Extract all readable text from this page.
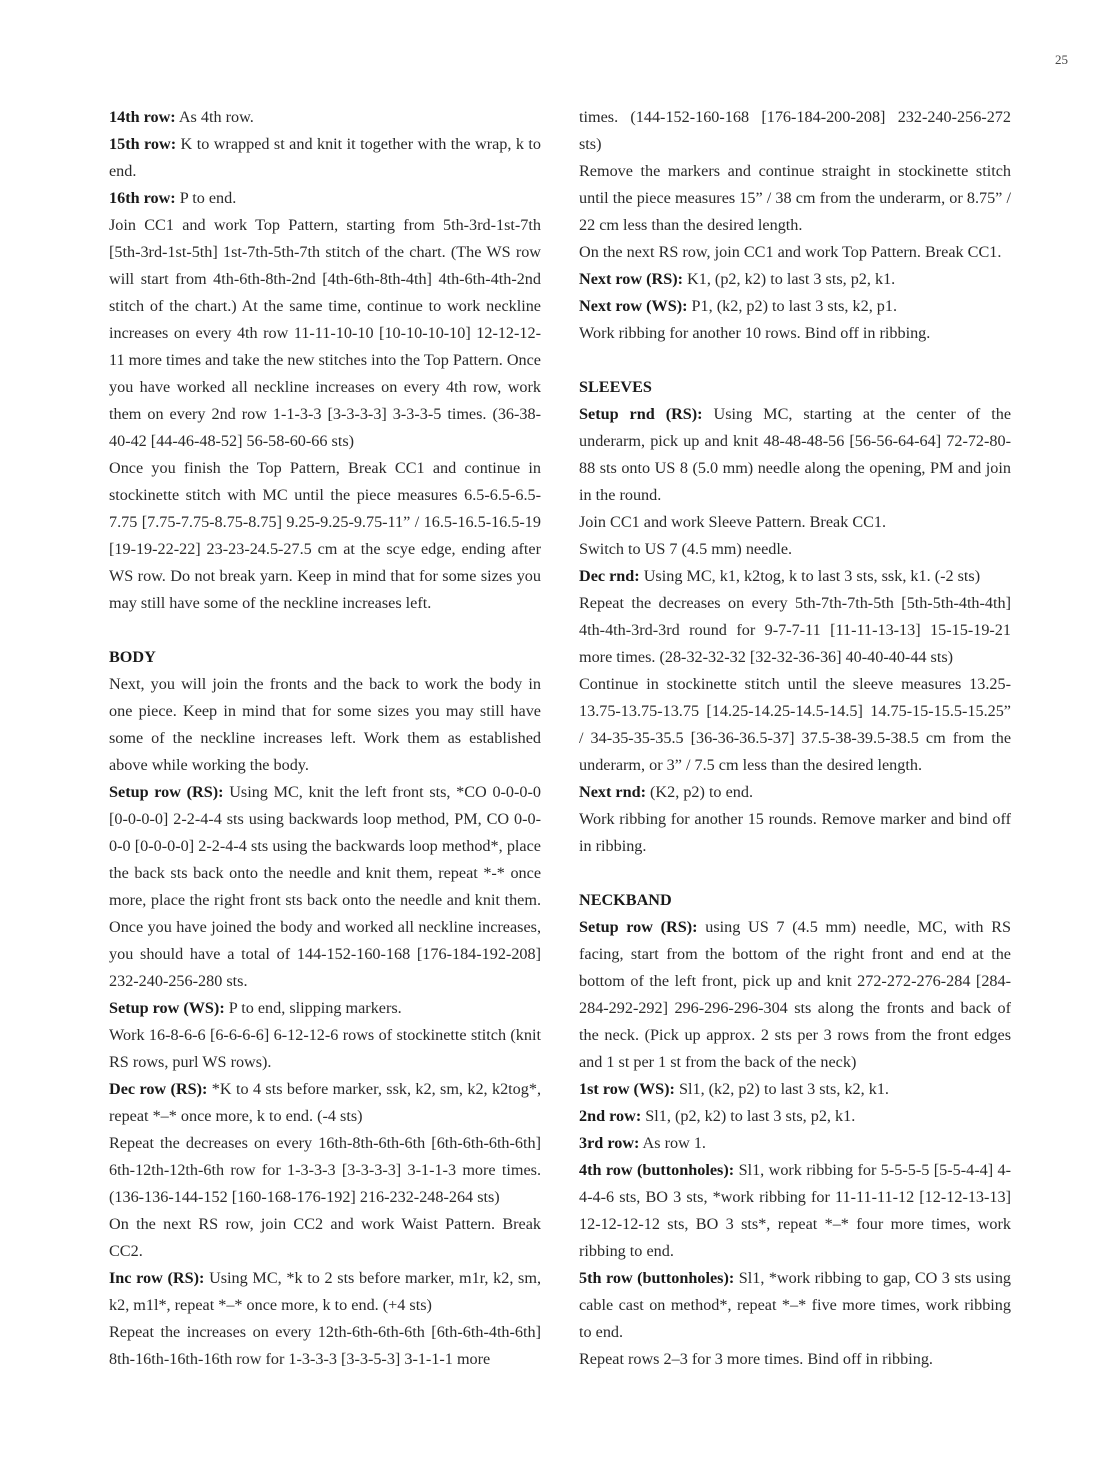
25

14th row: As 4th row.

15th row: K to wrapped st and knit it together with the wrap, k to end.

16th row: P to end.

Join CC1 and work Top Pattern, starting from 5th-3rd-1st-7th [5th-3rd-1st-5th] 1st-7th-5th-7th stitch of the chart. (The WS row will start from 4th-6th-8th-2nd [4th-6th-8th-4th] 4th-6th-4th-2nd stitch of the chart.) At the same time, continue to work neckline increases on every 4th row 11-11-10-10 [10-10-10-10] 12-12-12-11 more times and take the new stitches into the Top Pattern. Once you have worked all neckline increases on every 4th row, work them on every 2nd row 1-1-3-3 [3-3-3-3] 3-3-3-5 times. (36-38-40-42 [44-46-48-52] 56-58-60-66 sts)

Once you finish the Top Pattern, Break CC1 and continue in stockinette stitch with MC until the piece measures 6.5-6.5-6.5-7.75 [7.75-7.75-8.75-8.75] 9.25-9.25-9.75-11” / 16.5-16.5-16.5-19 [19-19-22-22] 23-23-24.5-27.5 cm at the scye edge, ending after WS row. Do not break yarn. Keep in mind that for some sizes you may still have some of the neckline increases left.

BODY

Next, you will join the fronts and the back to work the body in one piece. Keep in mind that for some sizes you may still have some of the neckline increases left. Work them as established above while working the body.

Setup row (RS): Using MC, knit the left front sts, *CO 0-0-0-0 [0-0-0-0] 2-2-4-4 sts using backwards loop method, PM, CO 0-0-0-0 [0-0-0-0] 2-2-4-4 sts using the backwards loop method*, place the back sts back onto the needle and knit them, repeat *-* once more, place the right front sts back onto the needle and knit them. Once you have joined the body and worked all neckline increases, you should have a total of 144-152-160-168 [176-184-192-208] 232-240-256-280 sts.

Setup row (WS): P to end, slipping markers.

Work 16-8-6-6 [6-6-6-6] 6-12-12-6 rows of stockinette stitch (knit RS rows, purl WS rows).

Dec row (RS): *K to 4 sts before marker, ssk, k2, sm, k2, k2tog*, repeat *–* once more, k to end. (-4 sts)

Repeat the decreases on every 16th-8th-6th-6th [6th-6th-6th-6th] 6th-12th-12th-6th row for 1-3-3-3 [3-3-3-3] 3-1-1-3 more times. (136-136-144-152 [160-168-176-192] 216-232-248-264 sts)

On the next RS row, join CC2 and work Waist Pattern. Break CC2.

Inc row (RS): Using MC, *k to 2 sts before marker, m1r, k2, sm, k2, m1l*, repeat *–* once more, k to end. (+4 sts)

Repeat the increases on every 12th-6th-6th-6th [6th-6th-4th-6th] 8th-16th-16th-16th row for 1-3-3-3 [3-3-5-3] 3-1-1-1 more

times. (144-152-160-168 [176-184-200-208] 232-240-256-272 sts)

Remove the markers and continue straight in stockinette stitch until the piece measures 15” / 38 cm from the underarm, or 8.75” / 22 cm less than the desired length.

On the next RS row, join CC1 and work Top Pattern. Break CC1.

Next row (RS): K1, (p2, k2) to last 3 sts, p2, k1.

Next row (WS): P1, (k2, p2) to last 3 sts, k2, p1.

Work ribbing for another 10 rows. Bind off in ribbing.

SLEEVES

Setup rnd (RS): Using MC, starting at the center of the underarm, pick up and knit 48-48-48-56 [56-56-64-64] 72-72-80-88 sts onto US 8 (5.0 mm) needle along the opening, PM and join in the round.

Join CC1 and work Sleeve Pattern. Break CC1.

Switch to US 7 (4.5 mm) needle.

Dec rnd: Using MC, k1, k2tog, k to last 3 sts, ssk, k1. (-2 sts)

Repeat the decreases on every 5th-7th-7th-5th [5th-5th-4th-4th] 4th-4th-3rd-3rd round for 9-7-7-11 [11-11-13-13] 15-15-19-21 more times. (28-32-32-32 [32-32-36-36] 40-40-40-44 sts)

Continue in stockinette stitch until the sleeve measures 13.25-13.75-13.75-13.75 [14.25-14.25-14.5-14.5] 14.75-15-15.5-15.25” / 34-35-35-35.5 [36-36-36.5-37] 37.5-38-39.5-38.5 cm from the underarm, or 3” / 7.5 cm less than the desired length.

Next rnd: (K2, p2) to end.

Work ribbing for another 15 rounds. Remove marker and bind off in ribbing.

NECKBAND

Setup row (RS): using US 7 (4.5 mm) needle, MC, with RS facing, start from the bottom of the right front and end at the bottom of the left front, pick up and knit 272-272-276-284 [284-284-292-292] 296-296-296-304 sts along the fronts and back of the neck. (Pick up approx. 2 sts per 3 rows from the front edges and 1 st per 1 st from the back of the neck)

1st row (WS): Sl1, (k2, p2) to last 3 sts, k2, k1.

2nd row: Sl1, (p2, k2) to last 3 sts, p2, k1.

3rd row: As row 1.

4th row (buttonholes): Sl1, work ribbing for 5-5-5-5 [5-5-4-4] 4-4-4-6 sts, BO 3 sts, *work ribbing for 11-11-11-12 [12-12-13-13] 12-12-12-12 sts, BO 3 sts*, repeat *–* four more times, work ribbing to end.

5th row (buttonholes): Sl1, *work ribbing to gap, CO 3 sts using cable cast on method*, repeat *–* five more times, work ribbing to end.

Repeat rows 2–3 for 3 more times. Bind off in ribbing.
